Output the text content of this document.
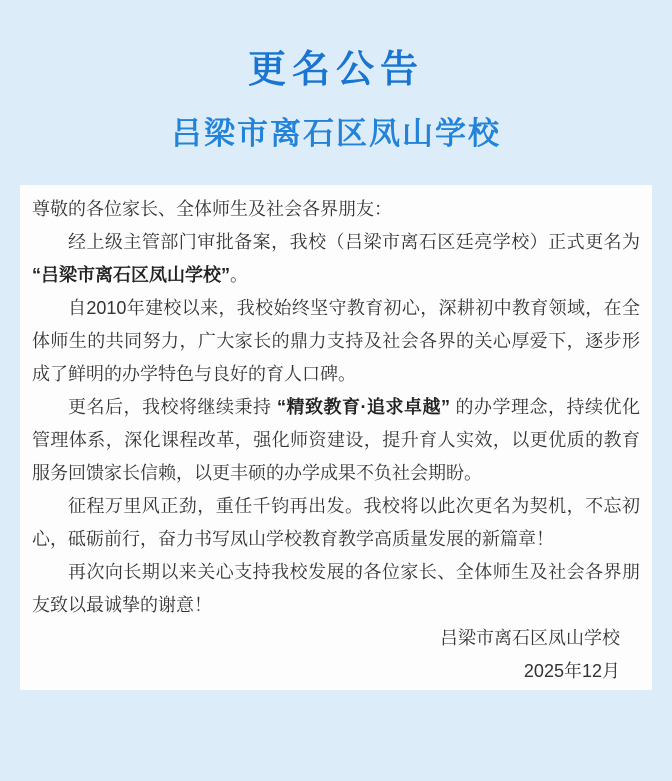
更名公告
吕梁市离石区凤山学校

尊敬的各位家长、全体师生及社会各界朋友：

经上级主管部门审批备案，我校（吕梁市离石区廷亮学校）正式更名为 “吕梁市离石区凤山学校”。

自2010年建校以来，我校始终坚守教育初心，深耕初中教育领域，在全体师生的共同努力，广大家长的鼎力支持及社会各界的关心厚爱下，逐步形成了鲜明的办学特色与良好的育人口碑。

更名后，我校将继续秉持 “精致教育·追求卓越” 的办学理念，持续优化管理体系，深化课程改革，强化师资建设，提升育人实效，以更优质的教育服务回馈家长信赖，以更丰硕的办学成果不负社会期盼。

征程万里风正劲，重任千钧再出发。我校将以此次更名为契机，不忘初心，砥砺前行，奋力书写凤山学校教育教学高质量发展的新篇章！

再次向长期以来关心支持我校发展的各位家长、全体师生及社会各界朋友致以最诚挚的谢意！

吕梁市离石区凤山学校
2025年12月
